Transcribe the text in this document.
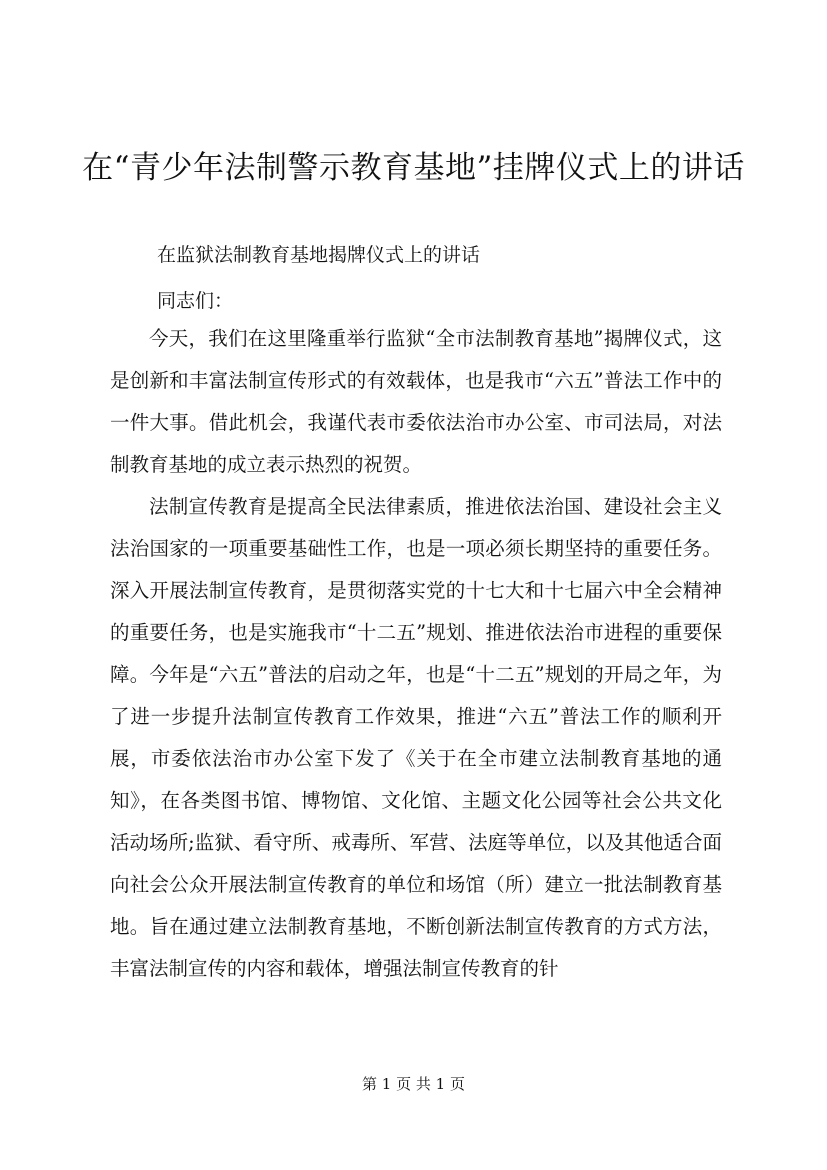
在“青少年法制警示教育基地”挂牌仪式上的讲话

在监狱法制教育基地揭牌仪式上的讲话

同志们：

今天，我们在这里隆重举行监狱“全市法制教育基地”揭牌仪式，这是创新和丰富法制宣传形式的有效载体，也是我市“六五”普法工作中的一件大事。借此机会，我谨代表市委依法治市办公室、市司法局，对法制教育基地的成立表示热烈的祝贺。

法制宣传教育是提高全民法律素质，推进依法治国、建设社会主义法治国家的一项重要基础性工作，也是一项必须长期坚持的重要任务。深入开展法制宣传教育，是贯彻落实党的十七大和十七届六中全会精神的重要任务，也是实施我市“十二五”规划、推进依法治市进程的重要保障。今年是“六五”普法的启动之年，也是“十二五”规划的开局之年，为了进一步提升法制宣传教育工作效果，推进“六五”普法工作的顺利开展，市委依法治市办公室下发了《关于在全市建立法制教育基地的通知》，在各类图书馆、博物馆、文化馆、主题文化公园等社会公共文化活动场所;监狱、看守所、戒毒所、军营、法庭等单位，以及其他适合面向社会公众开展法制宣传教育的单位和场馆（所）建立一批法制教育基地。旨在通过建立法制教育基地，不断创新法制宣传教育的方式方法，丰富法制宣传的内容和载体，增强法制宣传教育的针

第 1 页 共 1 页
